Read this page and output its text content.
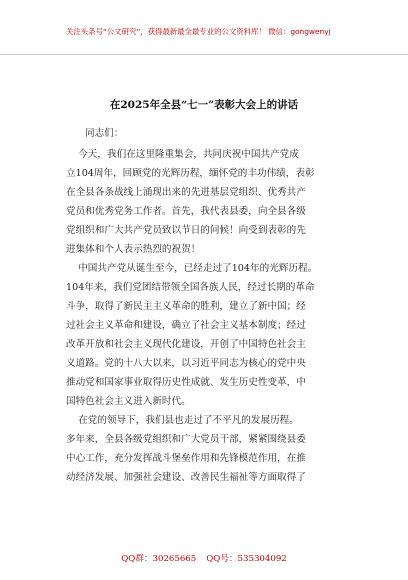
关注头条号“公文研究”，获得最新最全最专业的公文资料库！ 微信：gongwenyj
在2025年全县“七一”表彰大会上的讲话
同志们：
今天，我们在这里隆重集会，共同庆祝中国共产党成
立104周年，回顾党的光辉历程，缅怀党的丰功伟绩，表彰
在全县各条战线上涌现出来的先进基层党组织、优秀共产
党员和优秀党务工作者。首先，我代表县委，向全县各级
党组织和广大共产党员致以节日的问候！向受到表彰的先
进集体和个人表示热烈的祝贺！
中国共产党从诞生至今，已经走过了104年的光辉历程。
104年来，我们党团结带领全国各族人民，经过长期的革命
斗争，取得了新民主主义革命的胜利，建立了新中国；经
过社会主义革命和建设，确立了社会主义基本制度；经过
改革开放和社会主义现代化建设，开创了中国特色社会主
义道路。党的十八大以来，以习近平同志为核心的党中央
推动党和国家事业取得历史性成就、发生历史性变革，中
国特色社会主义进入新时代。
在党的领导下，我们县也走过了不平凡的发展历程。
多年来，全县各级党组织和广大党员干部，紧紧围绕县委
中心工作，充分发挥战斗堡垒作用和先锋模范作用，在推
动经济发展、加强社会建设、改善民生福祉等方面取得了
QQ群：30265665 QQ号：535304092
